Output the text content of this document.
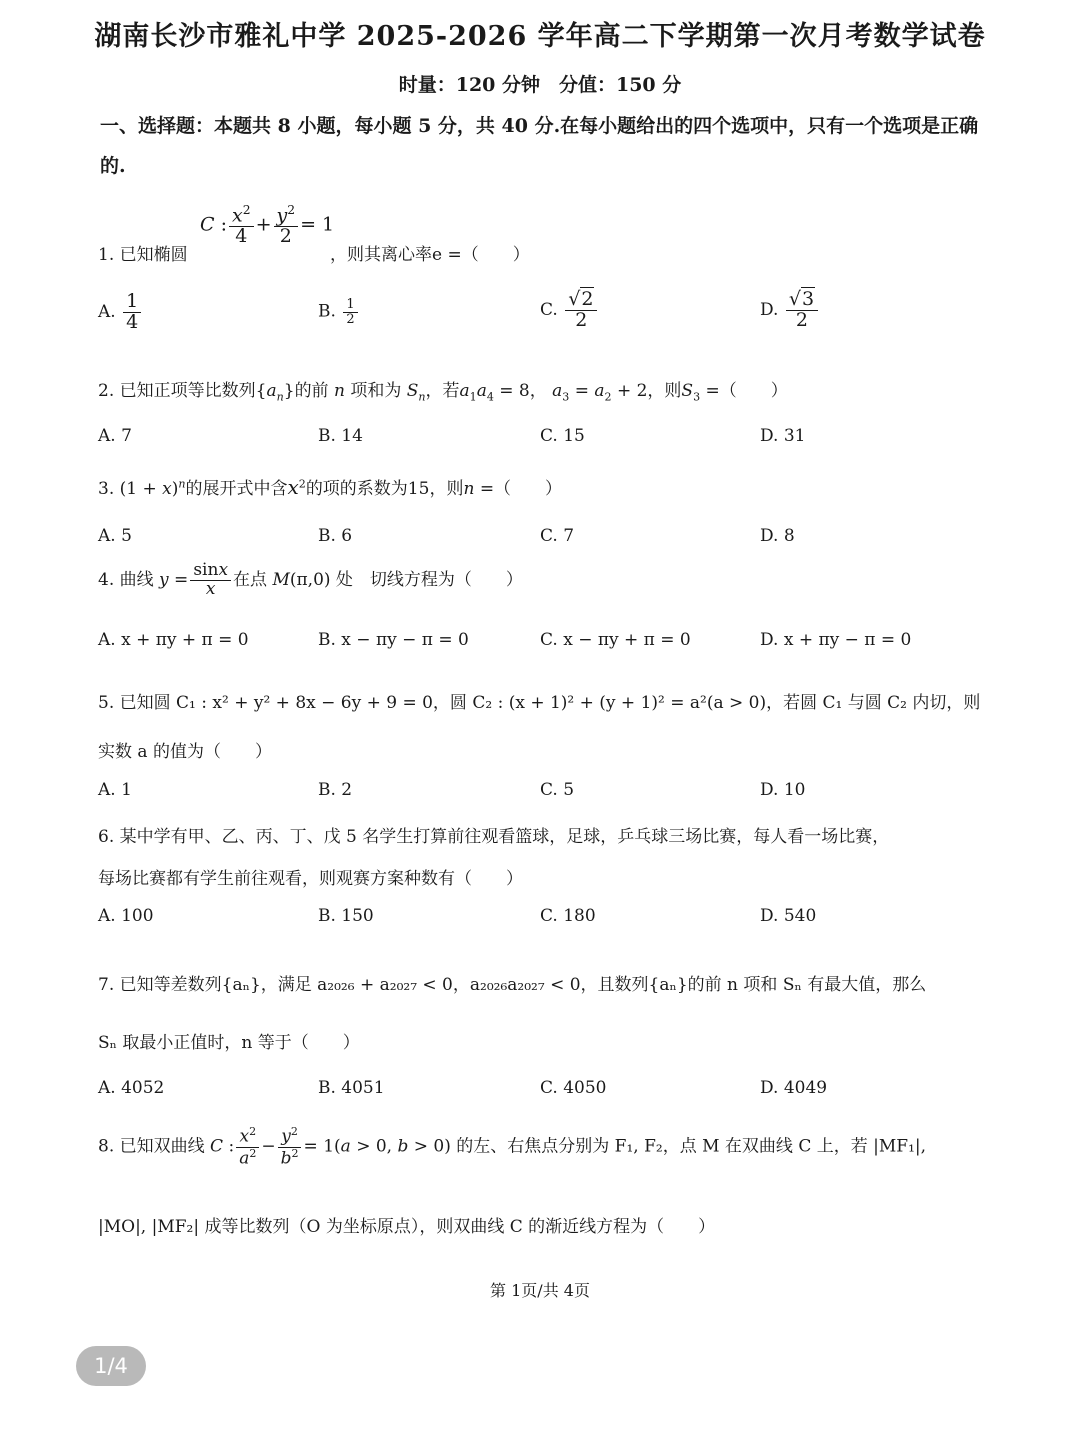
湖南长沙市雅礼中学 2025-2026 学年高二下学期第一次月考数学试卷
时量：120 分钟　分值：150 分
一、选择题：本题共 8 小题，每小题 5 分，共 40 分.在每小题给出的四个选项中，只有一个选项是正确的.
C : $\frac{x^2}{4} + \frac{y^2}{2} = 1$
1. 已知椭圆	，则其离心率e =（　　）
A. $\frac{1}{4}$	B. $\frac{1}{2}$	C. $\frac{√2}{2}$	D. $\frac{√3}{2}$
2. 已知正项等比数列$\{a_n\}$的前 n 项和为 $S_n$，若$a_1a_4 = 8$， $a_3 = a_2 + 2$，则$S_3$ =（　　）
A. 7	B. 14	C. 15	D. 31
3. $(1 + x)^n$的展开式中含$x^2$的项的系数为15，则n =（　　）
A. 5	B. 6	C. 7	D. 8
4. 曲线 $y = \frac{\sin x}{x}$ 在点 M(π,0) 处　切线方程为（　　）
A. x + πy + π = 0	B. x − πy − π = 0	C. x − πy + π = 0	D. x + πy − π = 0
5. 已知圆 C₁ : x² + y² + 8x − 6y + 9 = 0，圆 C₂ : (x + 1)² + (y + 1)² = a²(a > 0)，若圆 C₁ 与圆 C₂ 内切，则
实数 a 的值为（　　）
A. 1	B. 2	C. 5	D. 10
6. 某中学有甲、乙、丙、丁、戊 5 名学生打算前往观看篮球，足球，乒乓球三场比赛，每人看一场比赛，
每场比赛都有学生前往观看，则观赛方案种数有（　　）
A. 100	B. 150	C. 180	D. 540
7. 已知等差数列{aₙ}，满足 a₂₀₂₆ + a₂₀₂₇ < 0，a₂₀₂₆a₂₀₂₇ < 0，且数列{aₙ}的前 n 项和 Sₙ 有最大值，那么
Sₙ 取最小正值时，n 等于（　　）
A. 4052	B. 4051	C. 4050	D. 4049
8. 已知双曲线 C : $\frac{x^2}{a^2} - \frac{y^2}{b^2} = 1(a > 0$, b > 0) 的左、右焦点分别为 F₁, F₂，点 M 在双曲线 C 上，若 |MF₁|,
|MO|, |MF₂| 成等比数列（O 为坐标原点），则双曲线 C 的渐近线方程为（　　）
第 1页/共 4页
1/4
